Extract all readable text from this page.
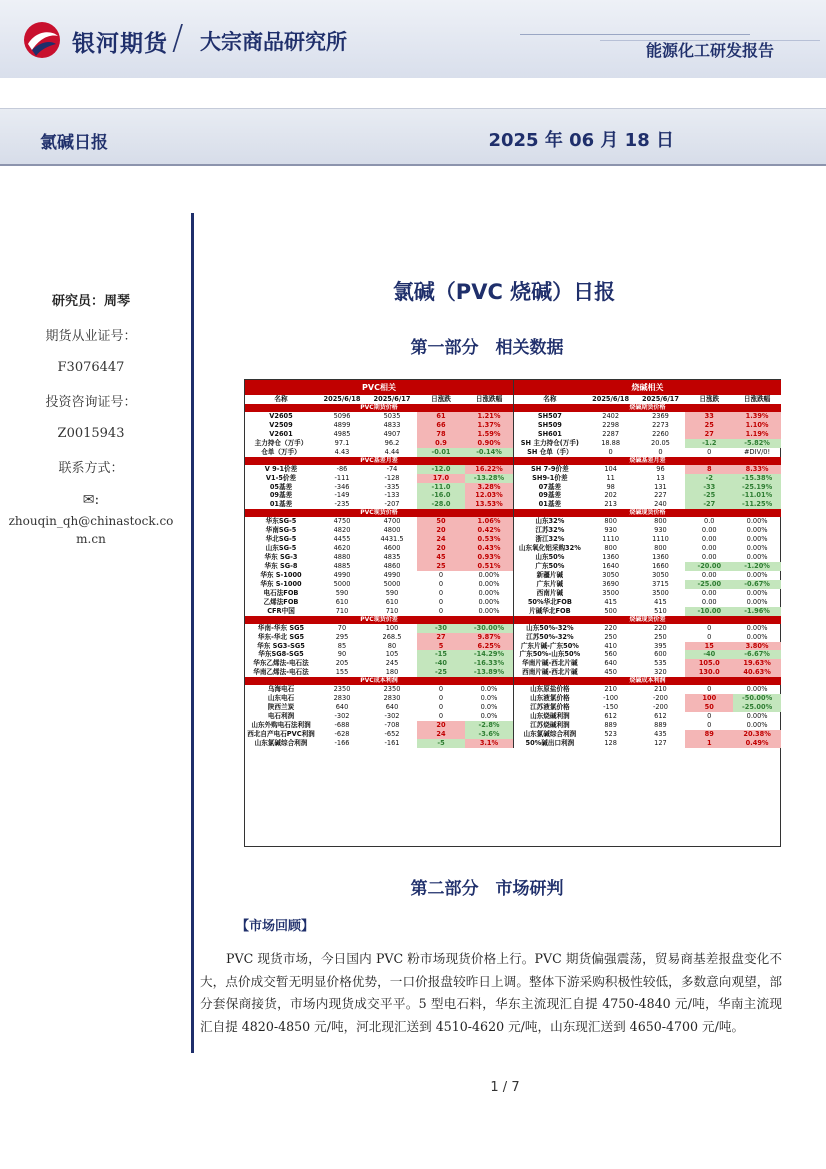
银河期货 / 大宗商品研究所	能源化工研发报告
氯碱日报	2025 年 06 月 18 日
研究员：周琴
期货从业证号：
F3076447
投资咨询证号：
Z0015943
联系方式：
✉:
zhouqin_qh@chinastock.com.cn
氯碱（PVC 烧碱）日报
第一部分　相关数据
PVC相关
名称	2025/6/18	2025/6/17	日涨跌	日涨跌幅
PVC期货价格
V2605	5096	5035	61	1.21%
V2509	4899	4833	66	1.37%
V2601	4985	4907	78	1.59%
主力持仓（万手）	97.1	96.2	0.9	0.90%
仓单（万手）	4.43	4.44	-0.01	-0.14%
PVC基差月差
V 9-1价差	-86	-74	-12.0	16.22%
V1-5价差	-111	-128	17.0	-13.28%
05基差	-346	-335	-11.0	3.28%
09基差	-149	-133	-16.0	12.03%
01基差	-235	-207	-28.0	13.53%
PVC现货价格
华东SG-5	4750	4700	50	1.06%
华南SG-5	4820	4800	20	0.42%
华北SG-5	4455	4431.5	24	0.53%
山东SG-5	4620	4600	20	0.43%
华东 SG-3	4880	4835	45	0.93%
华东 SG-8	4885	4860	25	0.51%
华东 S-1000	4990	4990	0	0.00%
华东 S-1000	5000	5000	0	0.00%
电石法FOB	590	590	0	0.00%
乙烯法FOB	610	610	0	0.00%
CFR中国	710	710	0	0.00%
PVC现货价差
华南-华东 SG5	70	100	-30	-30.00%
华东-华北 SG5	295	268.5	27	9.87%
华东 SG3-SG5	85	80	5	6.25%
华东SG8-SG5	90	105	-15	-14.29%
华东乙烯法-电石法	205	245	-40	-16.33%
华南乙烯法-电石法	155	180	-25	-13.89%
PVC成本利润
乌海电石	2350	2350	0	0.0%
山东电石	2830	2830	0	0.0%
陕西兰炭	640	640	0	0.0%
电石利润	-302	-302	0	0.0%
山东外购电石法利润	-688	-708	20	-2.8%
西北自产电石PVC利润	-628	-652	24	-3.6%
山东氯碱综合利润	-166	-161	-5	3.1%
烧碱相关
名称	2025/6/18	2025/6/17	日涨跌	日涨跌幅
烧碱期货价格
SH507	2402	2369	33	1.39%
SH509	2298	2273	25	1.10%
SH601	2287	2260	27	1.19%
SH 主力持仓(万手)	18.88	20.05	-1.2	-5.82%
SH 仓单（手）	0	0	0	#DIV/0!
烧碱基差月差
SH 7-9价差	104	96	8	8.33%
SH9-1价差	11	13	-2	-15.38%
07基差	98	131	-33	-25.19%
09基差	202	227	-25	-11.01%
01基差	213	240	-27	-11.25%
烧碱现货价格
山东32%	800	800	0.0	0.00%
江苏32%	930	930	0.00	0.00%
浙江32%	1110	1110	0.00	0.00%
山东氧化铝采购32%	800	800	0.00	0.00%
山东50%	1360	1360	0.00	0.00%
广东50%	1640	1660	-20.00	-1.20%
新疆片碱	3050	3050	0.00	0.00%
广东片碱	3690	3715	-25.00	-0.67%
西南片碱	3500	3500	0.00	0.00%
50%华北FOB	415	415	0.00	0.00%
片碱华北FOB	500	510	-10.00	-1.96%
烧碱现货价差
山东50%-32%	220	220	0	0.00%
江苏50%-32%	250	250	0	0.00%
广东片碱-广东50%	410	395	15	3.80%
广东50%-山东50%	560	600	-40	-6.67%
华南片碱-西北片碱	640	535	105.0	19.63%
西南片碱-西北片碱	450	320	130.0	40.63%
烧碱成本利润
山东原盐价格	210	210	0	0.00%
山东液氯价格	-100	-200	100	-50.00%
江苏液氯价格	-150	-200	50	-25.00%
山东烧碱利润	612	612	0	0.00%
江苏烧碱利润	889	889	0	0.00%
山东氯碱综合利润	523	435	89	20.38%
50%碱出口利润	128	127	1	0.49%
第二部分　市场研判
【市场回顾】
PVC 现货市场，今日国内 PVC 粉市场现货价格上行。PVC 期货偏强震荡，贸易商基差报盘变化不大，点价成交暂无明显价格优势，一口价报盘较昨日上调。整体下游采购积极性较低，多数意向观望，部分套保商接货，市场内现货成交平平。5 型电石料，华东主流现汇自提 4750-4840 元/吨，华南主流现汇自提 4820-4850 元/吨，河北现汇送到 4510-4620 元/吨，山东现汇送到 4650-4700 元/吨。
1 / 7
